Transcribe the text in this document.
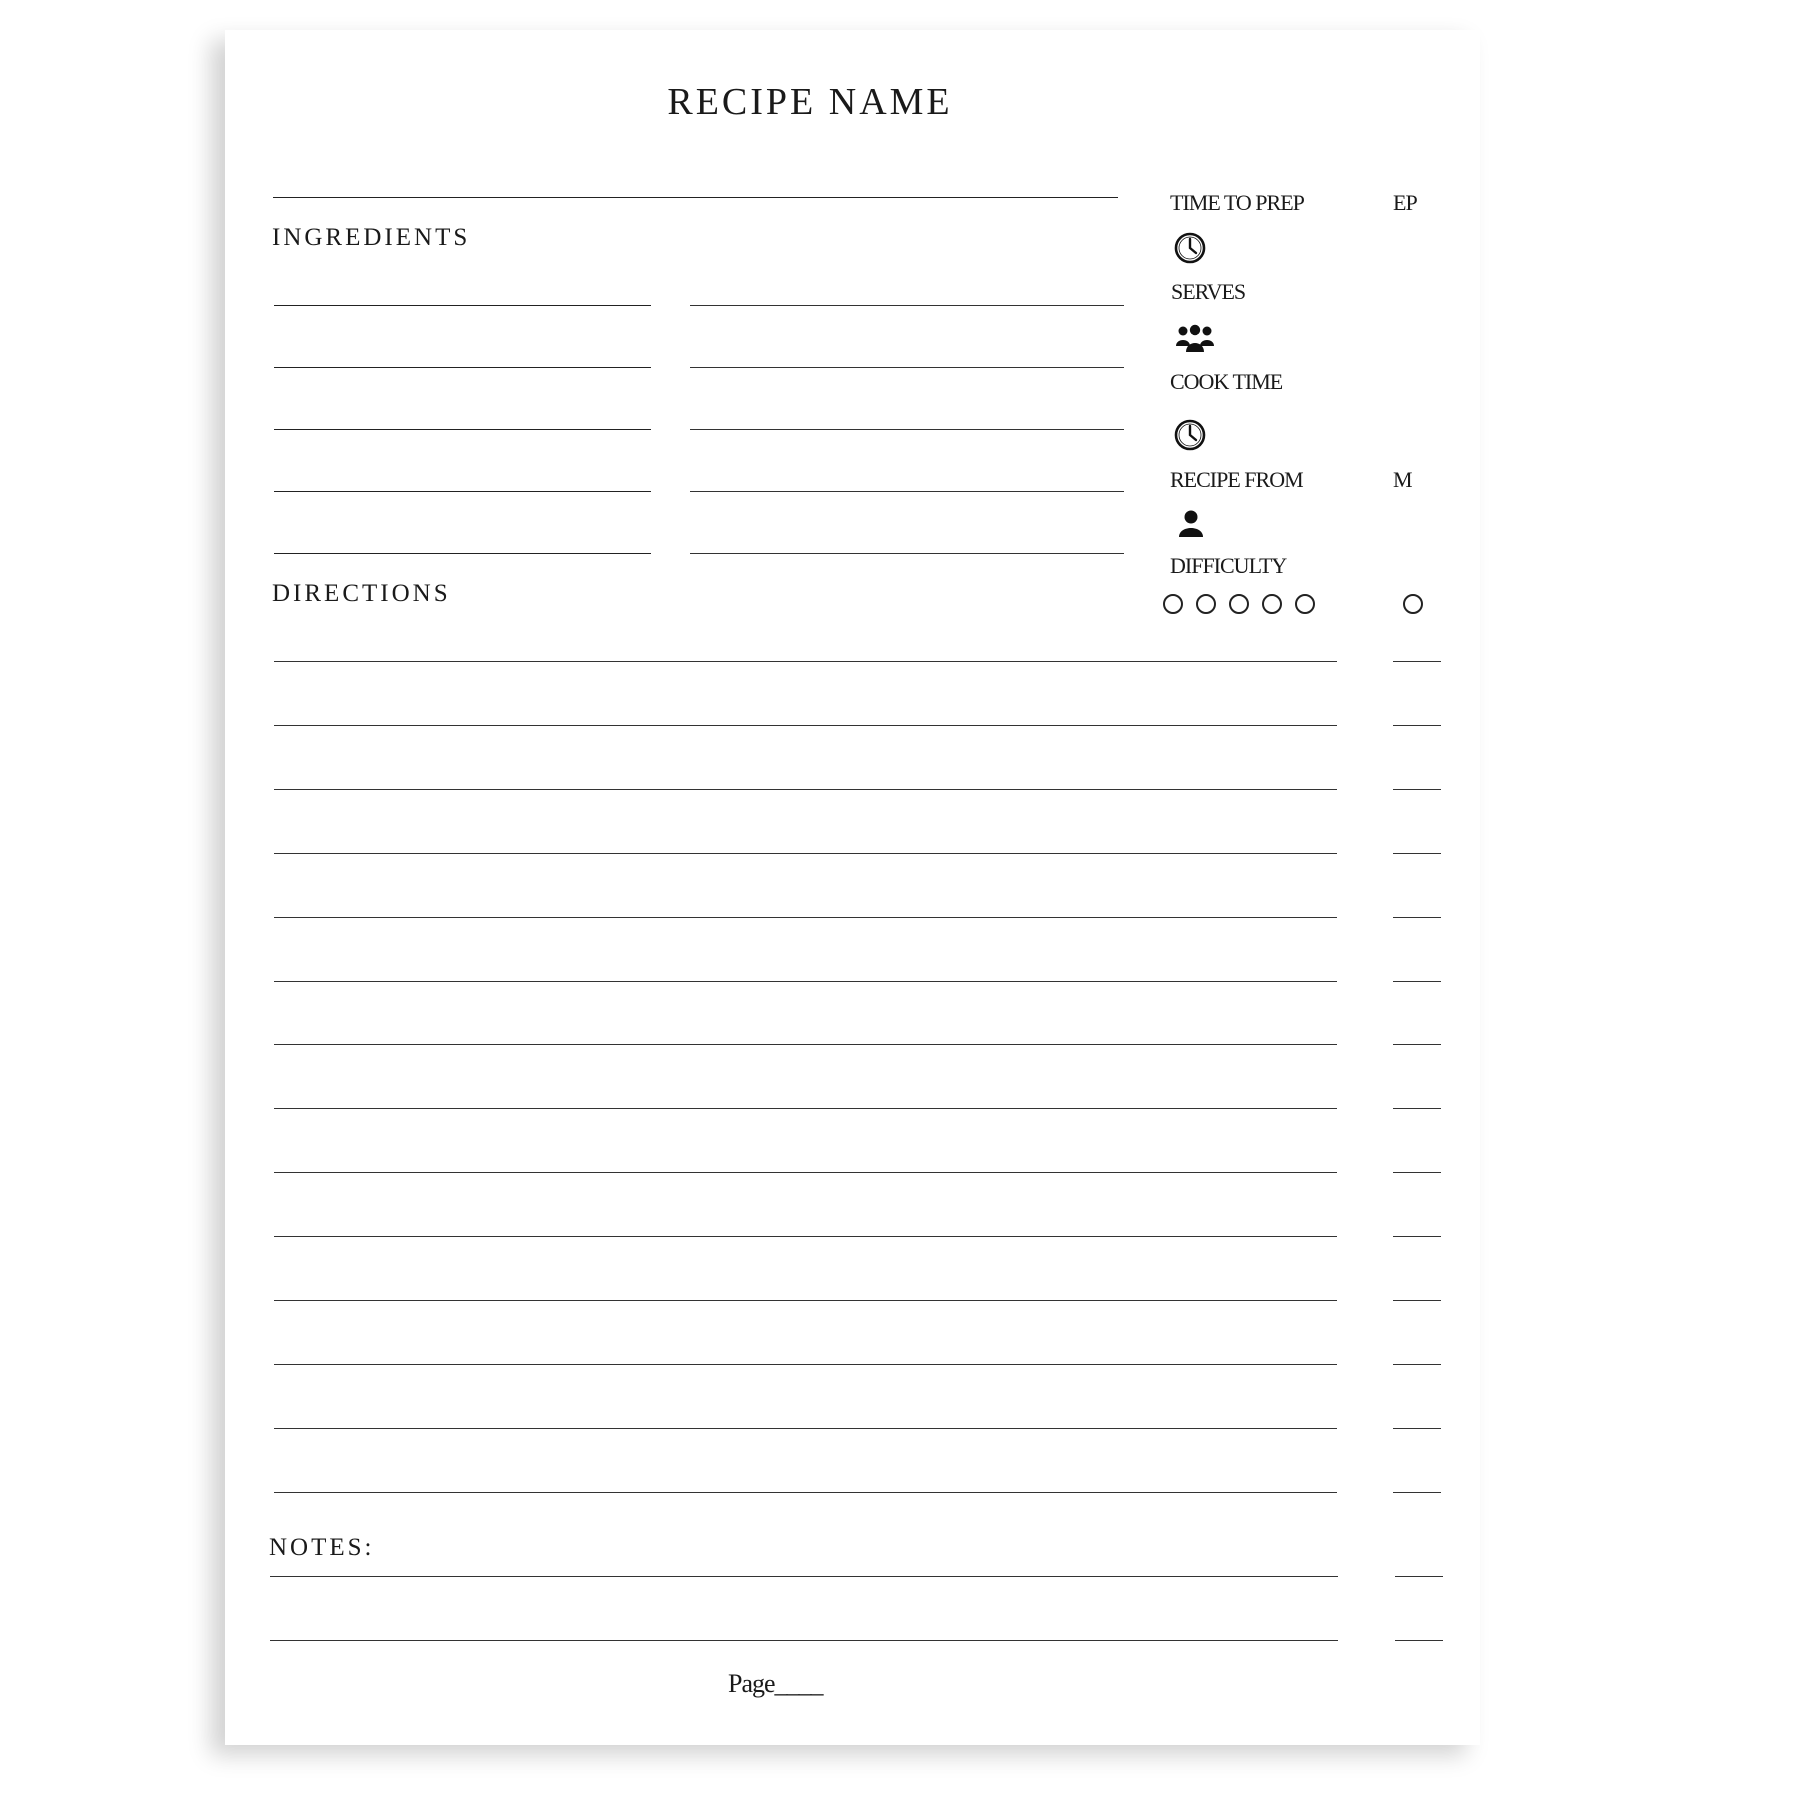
RECIPE NAME
INGREDIENTS
DIRECTIONS
NOTES:
TIME TO PREP	EP
SERVES
COOK TIME
RECIPE FROM	M
DIFFICULTY
Page____
